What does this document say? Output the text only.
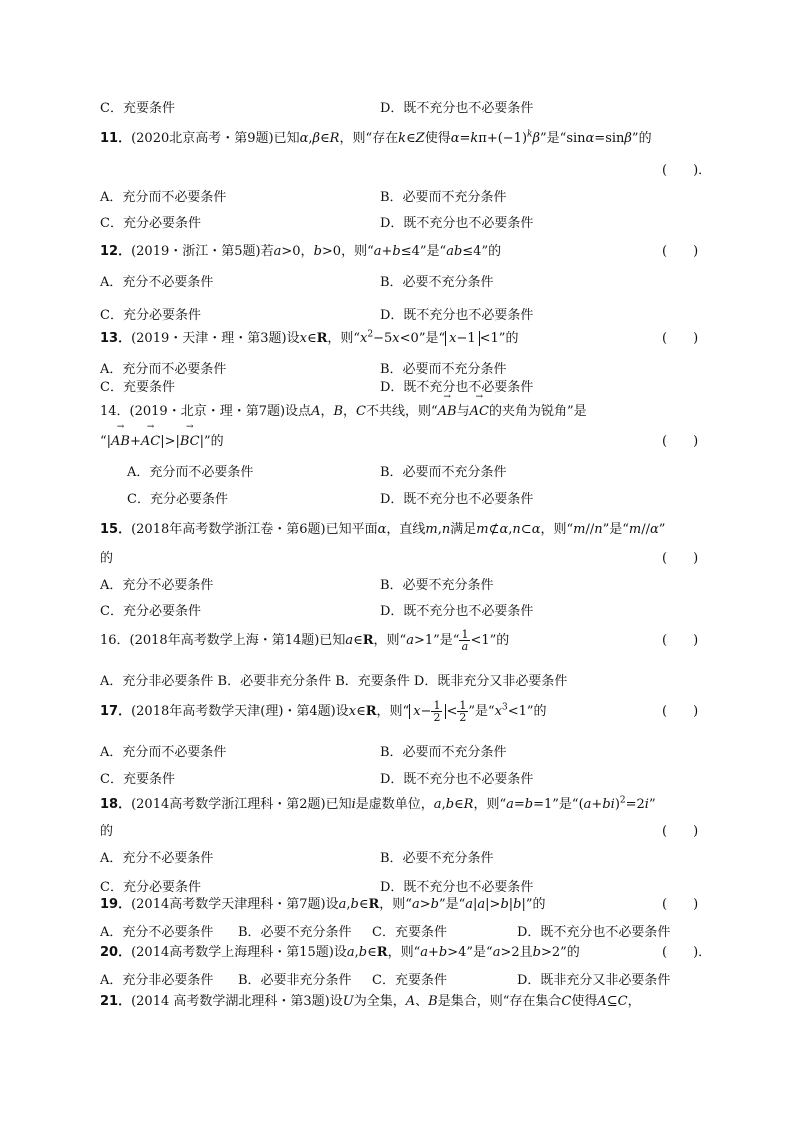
C．充要条件	D．既不充分也不必要条件
11．(2020北京高考・第9题)已知α,β∈R，则“存在k∈Z使得$\alpha=k\pi+(-1)^k\beta$”是“sinα=sinβ”的
(　　)．
A．充分而不必要条件	B．必要而不充分条件
C．充分必要条件	D．既不充分也不必要条件
12．(2019・浙江・第5题)若a>0，b>0，则“a+b≤4”是“ab≤4”的	(　　)
A．充分不必要条件	B．必要不充分条件
C．充分必要条件	D．既不充分也不必要条件
13．(2019・天津・理・第3题)设x∈R，则“$x^2-5x<0$”是“ x−1 <1”的	(　　)
A．充分而不必要条件	B．必要而不充分条件
C．充要条件	D．既不充分也不必要条件
14．(2019・北京・理・第7题)设点A，B，C不共线，则“→ AB与→ AC的夹角为锐角”是
“|→ AB+→ AC|>|→ BC|”的	(　　)
A．充分而不必要条件	B．必要而不充分条件
C．充分必要条件	D．既不充分也不必要条件
15．(2018年高考数学浙江卷・第6题)已知平面α，直线m,n满足m⊄α,n⊂α，则“m//n”是“m//α”
的	(　　)
A．充分不必要条件	B．必要不充分条件
C．充分必要条件	D．既不充分也不必要条件
16．(2018年高考数学上海・第14题)已知a∈R，则“a>1”是“ $\frac{1}{a} <1$”的	(　　)
A．充分非必要条件 B．必要非充分条件 B．充要条件 D．既非充分又非必要条件
17．(2018年高考数学天津(理)・第4题)设x∈R，则“ $x- \frac{1}{2} < \frac{1}{2}$ ”是“$x^3<1$”的	(　　)
A．充分而不必要条件	B．必要而不充分条件
C．充要条件	D．既不充分也不必要条件
18．(2014高考数学浙江理科・第2题)已知i是虚数单位，a,b∈R，则“a=b=1”是“$(a+bi)^2=2i$”
的	(　　)
A．充分不必要条件	B．必要不充分条件
C．充分必要条件	D．既不充分也不必要条件
19．(2014高考数学天津理科・第7题)设a,b∈R，则“a>b”是“a|a|>b|b|”的	(　　)
A．充分不必要条件 B．必要不充分条件 C．充要条件	D．既不充分也不必要条件
20．(2014高考数学上海理科・第15题)设a,b∈R，则“a+b>4”是“a>2且b>2”的	(　　)．
A．充分非必要条件 B．必要非充分条件 C．充要条件	D．既非充分又非必要条件
21．(2014 高考数学湖北理科・第3题)设U为全集，A、B是集合，则“存在集合C使得A⊆C，
